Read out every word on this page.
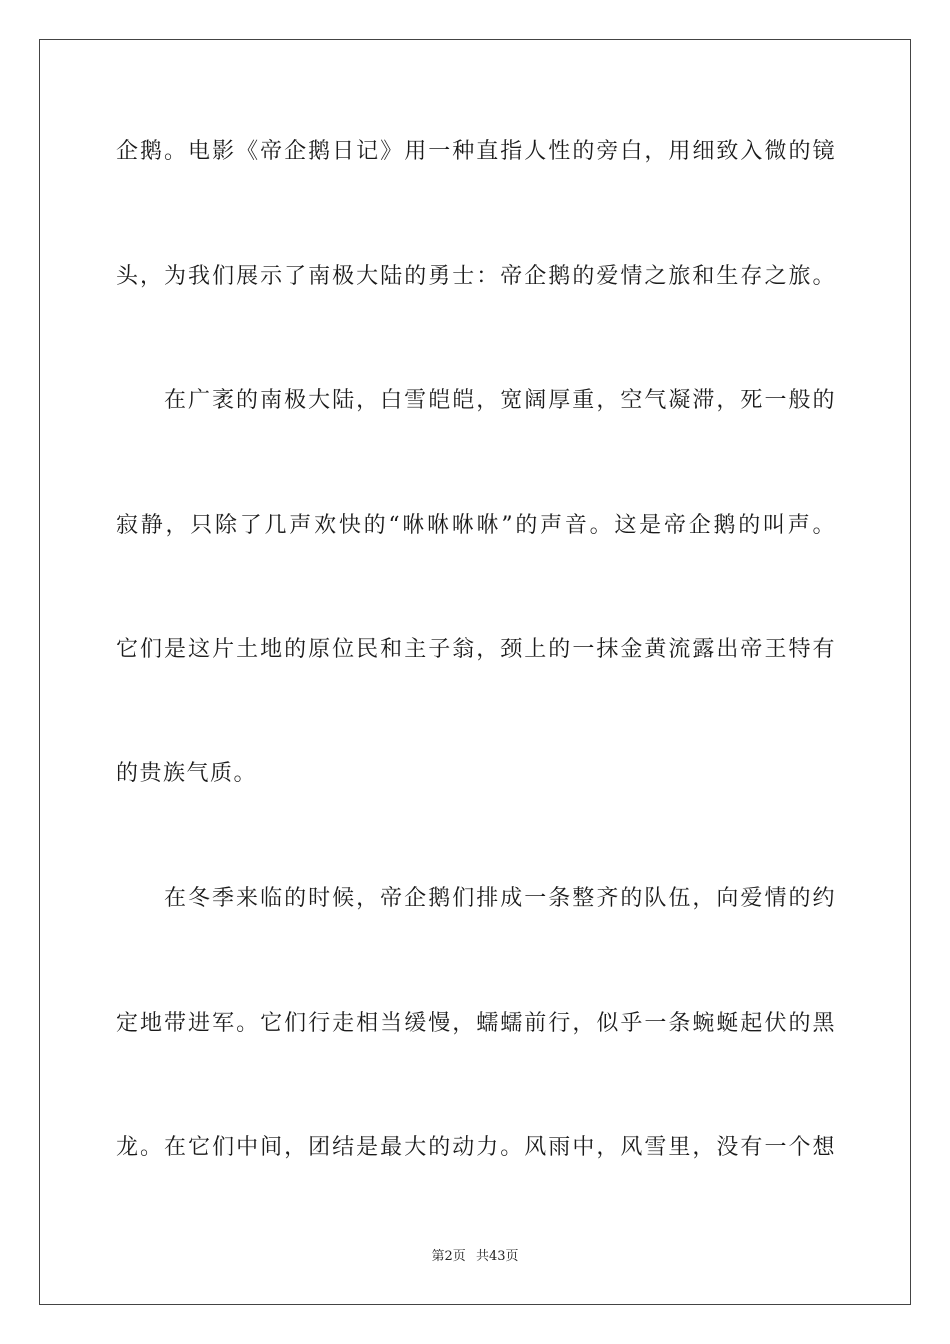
企鹅。电影《帝企鹅日记》用一种直指人性的旁白，用细致入微的镜
头，为我们展示了南极大陆的勇士：帝企鹅的爱情之旅和生存之旅。
在广袤的南极大陆，白雪皑皑，宽阔厚重，空气凝滞，死一般的
寂静，只除了几声欢快的“咻咻咻咻”的声音。这是帝企鹅的叫声。
它们是这片土地的原位民和主子翁，颈上的一抹金黄流露出帝王特有
的贵族气质。
在冬季来临的时候，帝企鹅们排成一条整齐的队伍，向爱情的约
定地带进军。它们行走相当缓慢，蠕蠕前行，似乎一条蜿蜒起伏的黑
龙。在它们中间，团结是最大的动力。风雨中，风雪里，没有一个想
第2页 共43页
